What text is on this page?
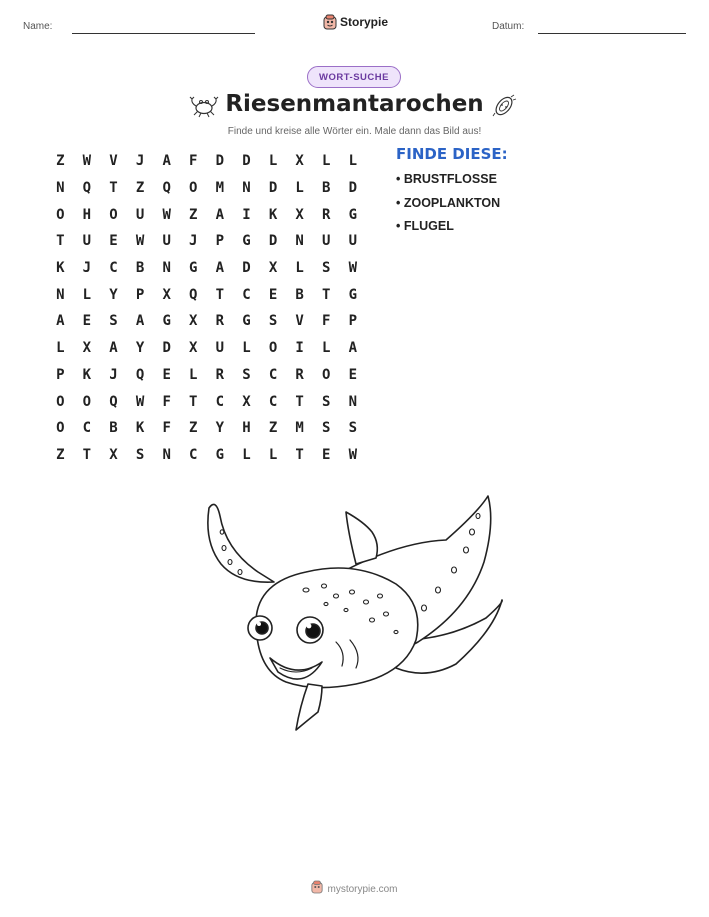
Name:	Storypie	Datum:
WORT-SUCHE
Riesenmantarochen
Finde und kreise alle Wörter ein. Male dann das Bild aus!
Z	W	V	J	A	F	D	D	L	X	L	L
N	Q	T	Z	Q	O	M	N	D	L	B	D
O	H	O	U	W	Z	A	I	K	X	R	G
T	U	E	W	U	J	P	G	D	N	U	U
K	J	C	B	N	G	A	D	X	L	S	W
N	L	Y	P	X	Q	T	C	E	B	T	G
A	E	S	A	G	X	R	G	S	V	F	P
L	X	A	Y	D	X	U	L	O	I	L	A
P	K	J	Q	E	L	R	S	C	R	O	E
O	O	Q	W	F	T	C	X	C	T	S	N
O	C	B	K	F	Z	Y	H	Z	M	S	S
Z	T	X	S	N	C	G	L	L	T	E	W
FINDE DIESE:
• BRUSTFLOSSE
• ZOOPLANKTON
• FLUGEL
mystorypie.com
